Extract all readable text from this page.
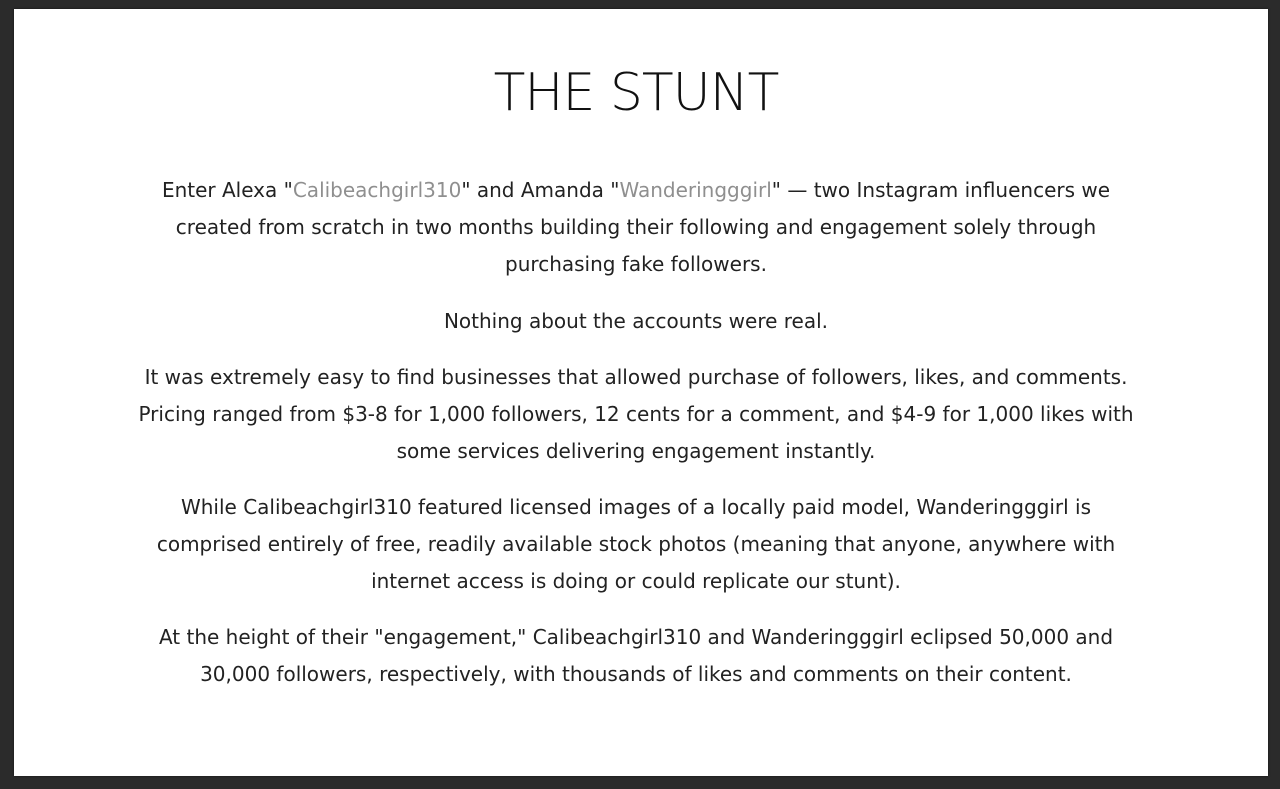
THE STUNT

Enter Alexa "Calibeachgirl310" and Amanda "Wanderingggirl" — two Instagram influencers we created from scratch in two months building their following and engagement solely through purchasing fake followers.

Nothing about the accounts were real.

It was extremely easy to find businesses that allowed purchase of followers, likes, and comments. Pricing ranged from $3-8 for 1,000 followers, 12 cents for a comment, and $4-9 for 1,000 likes with some services delivering engagement instantly.

While Calibeachgirl310 featured licensed images of a locally paid model, Wanderingggirl is comprised entirely of free, readily available stock photos (meaning that anyone, anywhere with internet access is doing or could replicate our stunt).

At the height of their "engagement," Calibeachgirl310 and Wanderingggirl eclipsed 50,000 and 30,000 followers, respectively, with thousands of likes and comments on their content.
